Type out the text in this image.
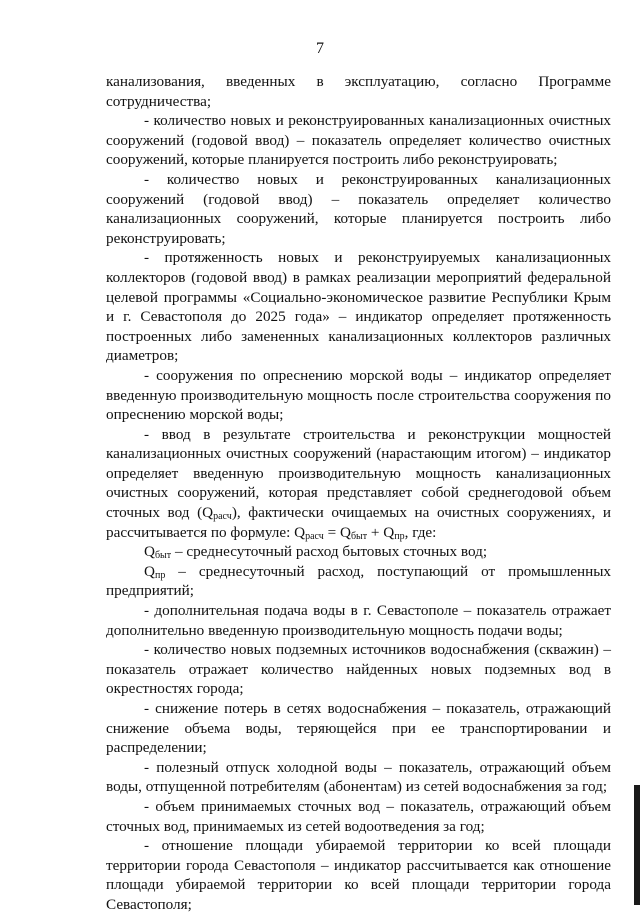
7

канализования, введенных в эксплуатацию, согласно Программе сотрудничества;

- количество новых и реконструированных канализационных очистных сооружений (годовой ввод) – показатель определяет количество очистных сооружений, которые планируется построить либо реконструировать;

- количество новых и реконструированных канализационных сооружений (годовой ввод) – показатель определяет количество канализационных сооружений, которые планируется построить либо реконструировать;

- протяженность новых и реконструируемых канализационных коллекторов (годовой ввод) в рамках реализации мероприятий федеральной целевой программы «Социально-экономическое развитие Республики Крым и г. Севастополя до 2025 года» – индикатор определяет протяженность построенных либо замененных канализационных коллекторов различных диаметров;

- сооружения по опреснению морской воды – индикатор определяет введенную производительную мощность после строительства сооружения по опреснению морской воды;

- ввод в результате строительства и реконструкции мощностей канализационных очистных сооружений (нарастающим итогом) – индикатор определяет введенную производительную мощность канализационных очистных сооружений, которая представляет собой среднегодовой объем сточных вод $(Q_{расч})$, фактически очищаемых на очистных сооружениях, и рассчитывается по формуле: $Q_{расч} = Q_{быт} + Q_{пр}$, где:

$Q_{быт}$ – среднесуточный расход бытовых сточных вод;

$Q_{пр}$ – среднесуточный расход, поступающий от промышленных предприятий;

- дополнительная подача воды в г. Севастополе – показатель отражает дополнительно введенную производительную мощность подачи воды;

- количество новых подземных источников водоснабжения (скважин) – показатель отражает количество найденных новых подземных вод в окрестностях города;

- снижение потерь в сетях водоснабжения – показатель, отражающий снижение объема воды, теряющейся при ее транспортировании и распределении;

- полезный отпуск холодной воды – показатель, отражающий объем воды, отпущенной потребителям (абонентам) из сетей водоснабжения за год;

- объем принимаемых сточных вод – показатель, отражающий объем сточных вод, принимаемых из сетей водоотведения за год;

- отношение площади убираемой территории ко всей площади территории города Севастополя – индикатор рассчитывается как отношение площади убираемой территории ко всей площади территории города Севастополя;
